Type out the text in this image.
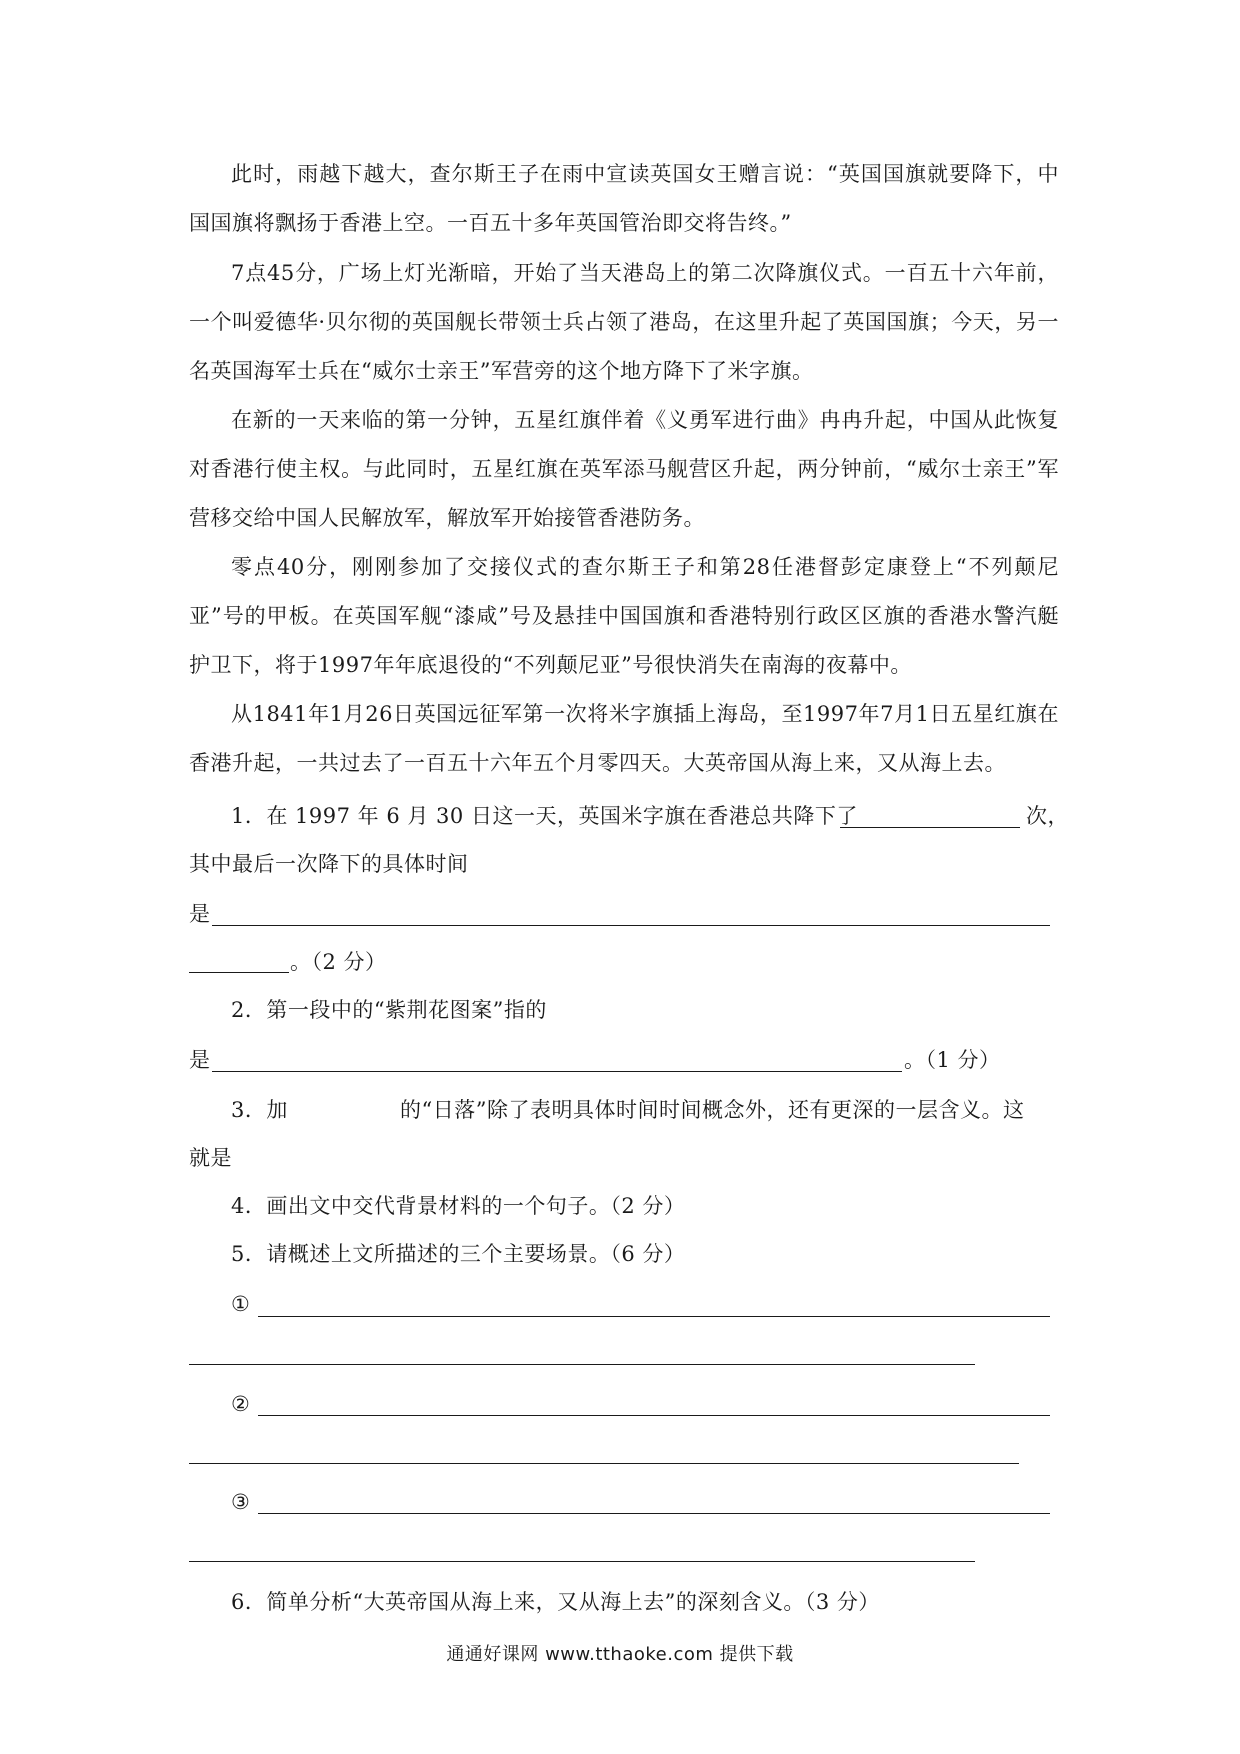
此时，雨越下越大，查尔斯王子在雨中宣读英国女王赠言说：“英国国旗就要降下，中国国旗将飘扬于香港上空。一百五十多年英国管治即交将告终。”

7点45分，广场上灯光渐暗，开始了当天港岛上的第二次降旗仪式。一百五十六年前，一个叫爱德华·贝尔彻的英国舰长带领士兵占领了港岛，在这里升起了英国国旗；今天，另一名英国海军士兵在“威尔士亲王”军营旁的这个地方降下了米字旗。

在新的一天来临的第一分钟，五星红旗伴着《义勇军进行曲》冉冉升起，中国从此恢复对香港行使主权。与此同时，五星红旗在英军添马舰营区升起，两分钟前，“威尔士亲王”军营移交给中国人民解放军，解放军开始接管香港防务。

零点40分，刚刚参加了交接仪式的查尔斯王子和第28任港督彭定康登上“不列颠尼亚”号的甲板。在英国军舰“漆咸”号及悬挂中国国旗和香港特别行政区区旗的香港水警汽艇护卫下，将于1997年年底退役的“不列颠尼亚”号很快消失在南海的夜幕中。

从1841年1月26日英国远征军第一次将米字旗插上海岛，至1997年7月1日五星红旗在香港升起，一共过去了一百五十六年五个月零四天。大英帝国从海上来，又从海上去。

1．在 1997 年 6 月 30 日这一天，英国米字旗在香港总共降下了	次，
其中最后一次降下的具体时间
是
。（2 分）
2．第一段中的“紫荆花图案”指的
是	。（1 分）
3．加	的“日落”除了表明具体时间时间概念外，还有更深的一层含义。这
就是
4．画出文中交代背景材料的一个句子。（2 分）
5．请概述上文所描述的三个主要场景。（6 分）
①
②
③
6．简单分析“大英帝国从海上来，又从海上去”的深刻含义。（3 分）
通通好课网 www.tthaoke.com 提供下载
